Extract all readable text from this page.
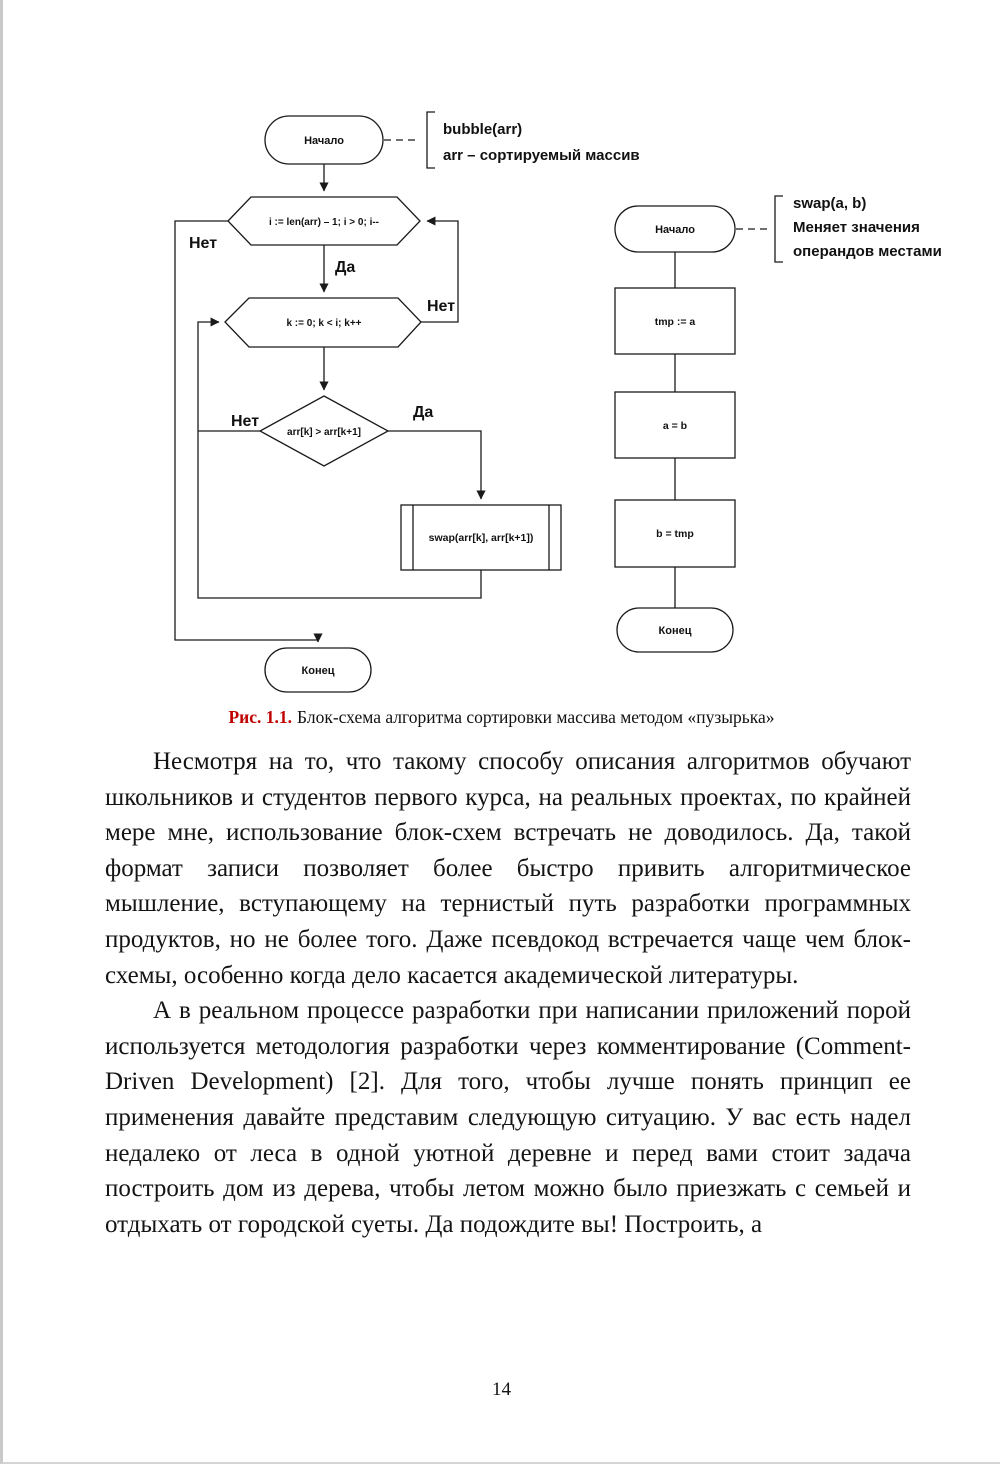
Начало
bubble(arr)
arr – сортируемый массив
i := len(arr) – 1; i > 0; i--
Нет
Да
k := 0; k < i; k++
Нет
arr[k] > arr[k+1]
Нет
Да
swap(arr[k], arr[k+1])
Конец
Начало
swap(a, b)
Меняет значения
операндов местами
tmp := a
a = b
b = tmp
Конец
Рис. 1.1. Блок-схема алгоритма сортировки массива методом «пузырька»

Несмотря на то, что такому способу описания алгоритмов обучают школьников и студентов первого курса, на реальных проектах, по крайней мере мне, использование блок-схем встречать не доводилось. Да, такой формат записи позволяет более быстро привить алгоритмическое мышление, вступающему на тернистый путь разработки программных продуктов, но не более того. Даже псевдокод встречается чаще чем блок-схемы, особенно когда дело касается академической литературы.

А в реальном процессе разработки при написании приложений порой используется методология разработки через комментирование (Comment-Driven Development) [2]. Для того, чтобы лучше понять принцип ее применения давайте представим следующую ситуацию. У вас есть надел недалеко от леса в одной уютной деревне и перед вами стоит задача построить дом из дерева, чтобы летом можно было приезжать с семьей и отдыхать от городской суеты. Да подождите вы! Построить, а

14
